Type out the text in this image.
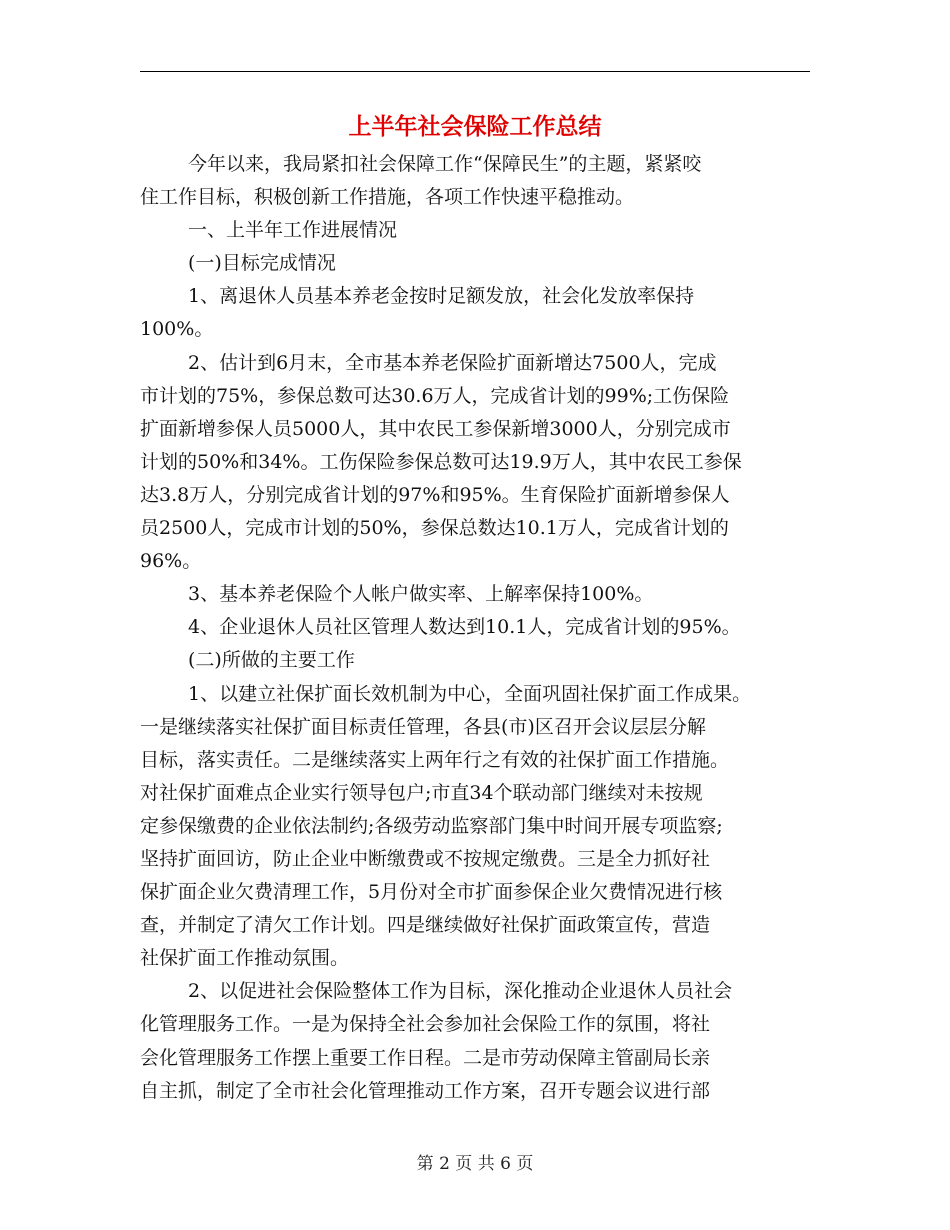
上半年社会保险工作总结
今年以来，我局紧扣社会保障工作“保障民生”的主题，紧紧咬
住工作目标，积极创新工作措施，各项工作快速平稳推动。
一、上半年工作进展情况
(一)目标完成情况
1、离退休人员基本养老金按时足额发放，社会化发放率保持
100%。
2、估计到6月末，全市基本养老保险扩面新增达7500人，完成
市计划的75%，参保总数可达30.6万人，完成省计划的99%;工伤保险
扩面新增参保人员5000人，其中农民工参保新增3000人，分别完成市
计划的50%和34%。工伤保险参保总数可达19.9万人，其中农民工参保
达3.8万人，分别完成省计划的97%和95%。生育保险扩面新增参保人
员2500人，完成市计划的50%，参保总数达10.1万人，完成省计划的
96%。
3、基本养老保险个人帐户做实率、上解率保持100%。
4、企业退休人员社区管理人数达到10.1人，完成省计划的95%。
(二)所做的主要工作
1、以建立社保扩面长效机制为中心，全面巩固社保扩面工作成果。
一是继续落实社保扩面目标责任管理，各县(市)区召开会议层层分解
目标，落实责任。二是继续落实上两年行之有效的社保扩面工作措施。
对社保扩面难点企业实行领导包户;市直34个联动部门继续对未按规
定参保缴费的企业依法制约;各级劳动监察部门集中时间开展专项监察;
坚持扩面回访，防止企业中断缴费或不按规定缴费。三是全力抓好社
保扩面企业欠费清理工作，5月份对全市扩面参保企业欠费情况进行核
查，并制定了清欠工作计划。四是继续做好社保扩面政策宣传，营造
社保扩面工作推动氛围。
2、以促进社会保险整体工作为目标，深化推动企业退休人员社会
化管理服务工作。一是为保持全社会参加社会保险工作的氛围，将社
会化管理服务工作摆上重要工作日程。二是市劳动保障主管副局长亲
自主抓，制定了全市社会化管理推动工作方案，召开专题会议进行部
第 2 页 共 6 页
